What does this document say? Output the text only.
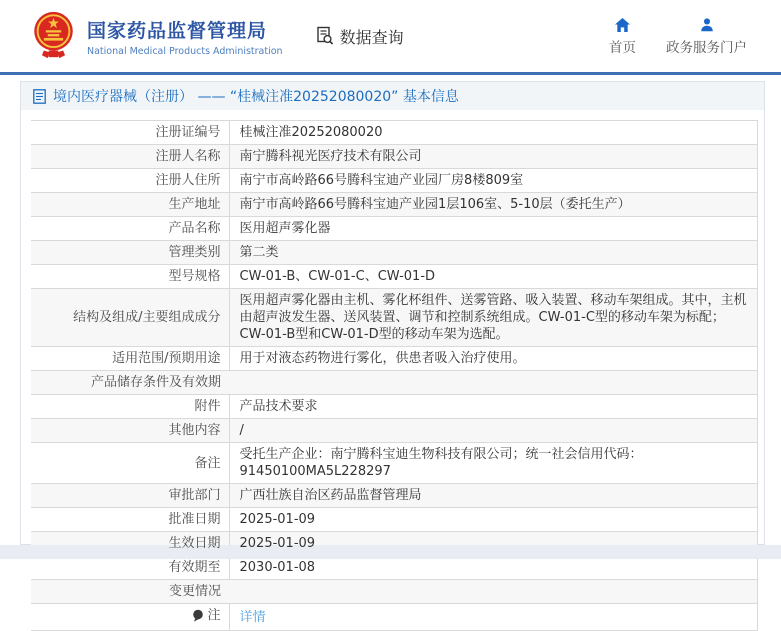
国家药品监督管理局
National Medical Products Administration
数据查询
首页 政务服务门户
境内医疗器械（注册） —— “桂械注准20252080020” 基本信息
注册证编号	桂械注准20252080020
注册人名称	南宁腾科视光医疗技术有限公司
注册人住所	南宁市高岭路66号腾科宝迪产业园厂房8楼809室
生产地址	南宁市高岭路66号腾科宝迪产业园1层106室、5-10层（委托生产）
产品名称	医用超声雾化器
管理类别	第二类
型号规格	CW-01-B、CW-01-C、CW-01-D
结构及组成/主要组成成分	医用超声雾化器由主机、雾化杯组件、送雾管路、吸入装置、移动车架组成。其中，主机由超声波发生器、送风装置、调节和控制系统组成。CW-01-C型的移动车架为标配；CW-01-B型和CW-01-D型的移动车架为选配。
适用范围/预期用途	用于对液态药物进行雾化，供患者吸入治疗使用。
产品储存条件及有效期	
附件	产品技术要求
其他内容	/
备注	受托生产企业：南宁腾科宝迪生物科技有限公司；统一社会信用代码：91450100MA5L228297
审批部门	广西壮族自治区药品监督管理局
批准日期	2025-01-09
生效日期	2025-01-09
有效期至	2030-01-08
变更情况	

注	详情
